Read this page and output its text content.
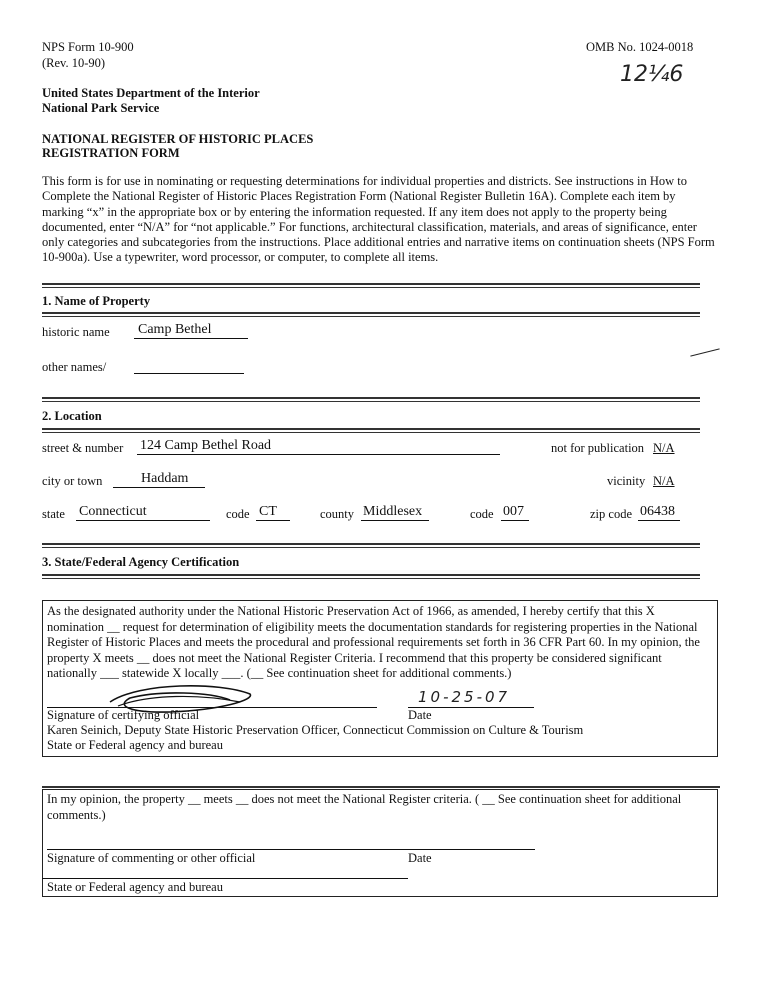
NPS Form 10-900
(Rev. 10-90)
OMB No. 1024-0018
12¼6
United States Department of the Interior
National Park Service
NATIONAL REGISTER OF HISTORIC PLACES
REGISTRATION FORM
This form is for use in nominating or requesting determinations for individual properties and districts. See instructions in How to
Complete the National Register of Historic Places Registration Form (National Register Bulletin 16A). Complete each item by
marking “x” in the appropriate box or by entering the information requested. If any item does not apply to the property being
documented, enter “N/A” for “not applicable.” For functions, architectural classification, materials, and areas of significance, enter
only categories and subcategories from the instructions. Place additional entries and narrative items on continuation sheets (NPS Form
10-900a). Use a typewriter, word processor, or computer, to complete all items.
1. Name of Property
historic name Camp Bethel
other names/
2. Location
street & number 124 Camp Bethel Road	not for publication N/A
city or town	Haddam	vicinity N/A
state Connecticut	code CT	county Middlesex	code 007	zip code 06438
3. State/Federal Agency Certification
As the designated authority under the National Historic Preservation Act of 1966, as amended, I hereby certify that this X
nomination __ request for determination of eligibility meets the documentation standards for registering properties in the National
Register of Historic Places and meets the procedural and professional requirements set forth in 36 CFR Part 60. In my opinion, the
property X meets __ does not meet the National Register Criteria. I recommend that this property be considered significant
nationally ___ statewide X locally ___. (__ See continuation sheet for additional comments.)
10-25-07
Signature of certifying official	Date
Karen Seinich, Deputy State Historic Preservation Officer, Connecticut Commission on Culture & Tourism
State or Federal agency and bureau
In my opinion, the property __ meets __ does not meet the National Register criteria. ( __ See continuation sheet for additional
comments.)
Signature of commenting or other official	Date
State or Federal agency and bureau
